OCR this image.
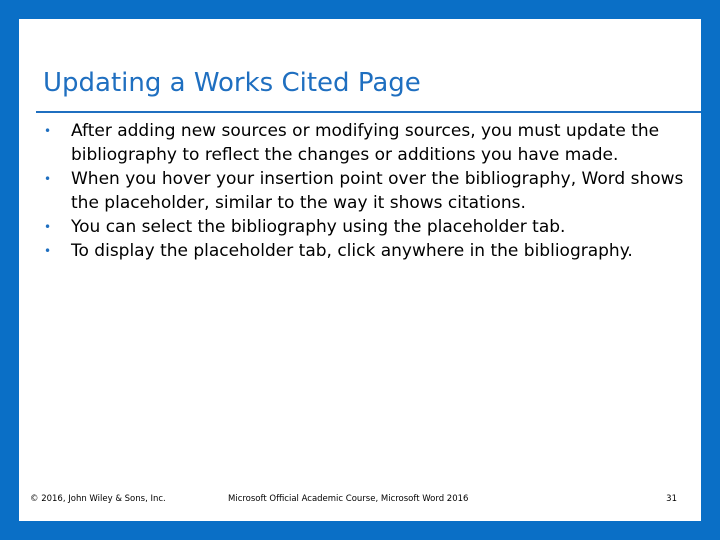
Updating a Works Cited Page
• After adding new sources or modifying sources, you must update the bibliography to reflect the changes or additions you have made.
• When you hover your insertion point over the bibliography, Word shows the placeholder, similar to the way it shows citations.
• You can select the bibliography using the placeholder tab.
• To display the placeholder tab, click anywhere in the bibliography.
© 2016, John Wiley & Sons, Inc.	Microsoft Official Academic Course, Microsoft Word 2016	31
